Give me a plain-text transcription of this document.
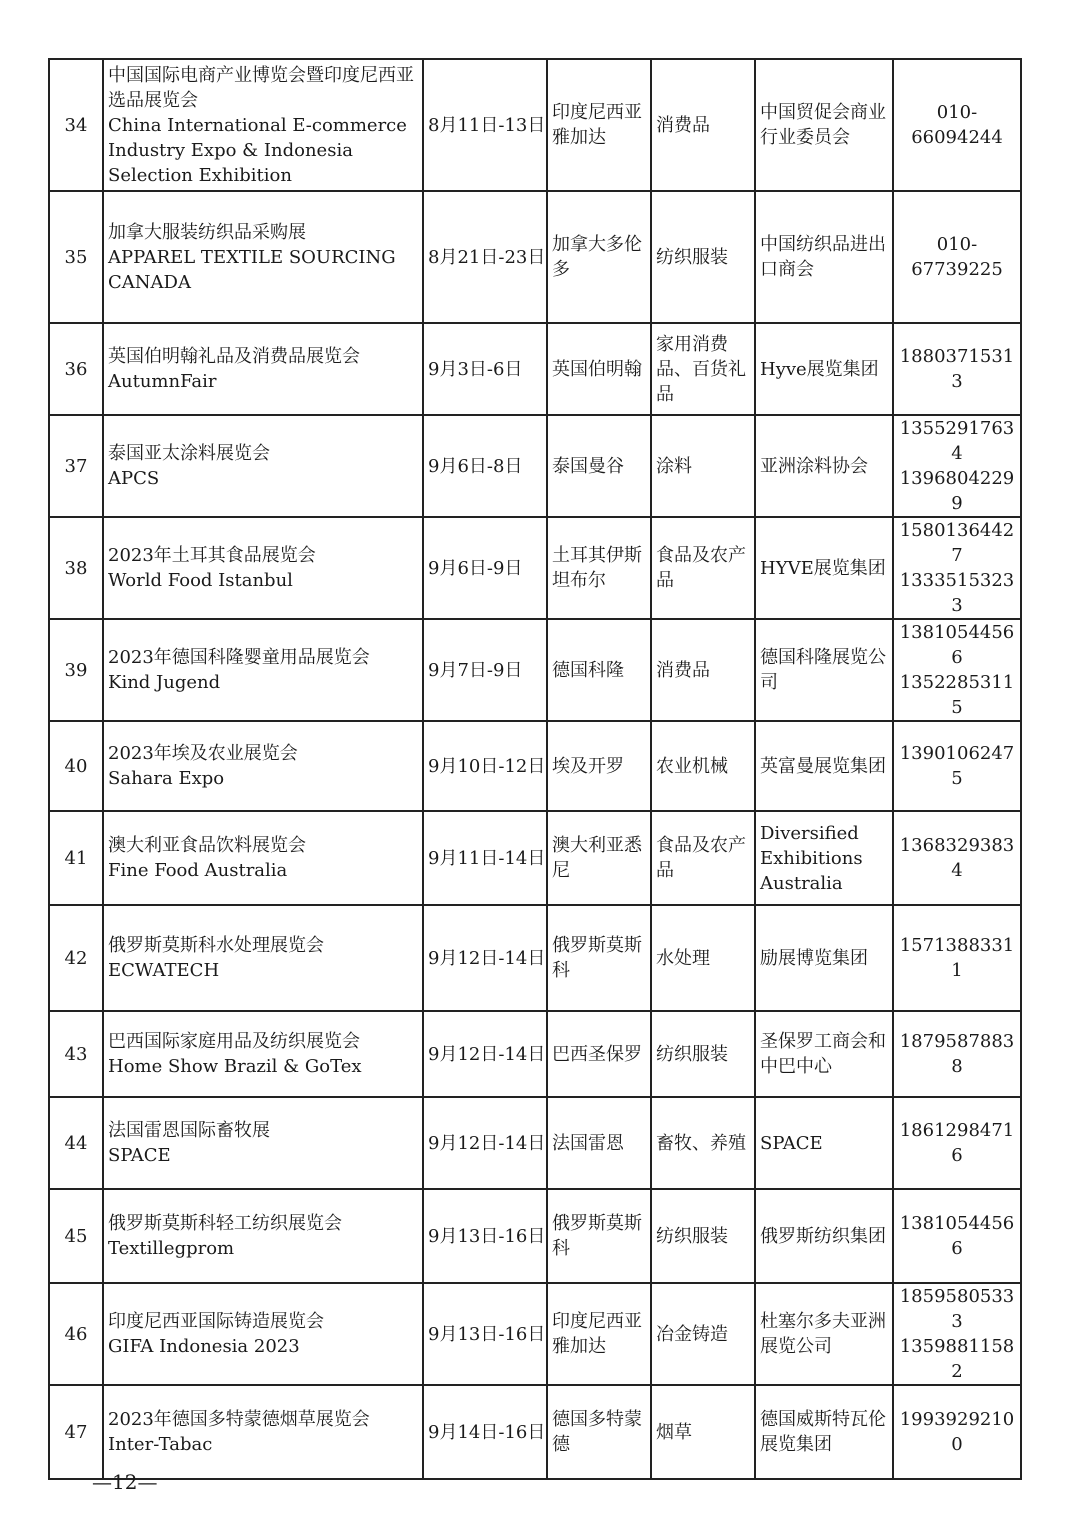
34	中国国际电商产业博览会暨印度尼西亚选品展览会
China International E-commerce Industry Expo & Indonesia Selection Exhibition	8月11日-13日	印度尼西亚雅加达	消费品	中国贸促会商业行业委员会	010-66094244

35	加拿大服装纺织品采购展
APPAREL TEXTILE SOURCING CANADA	8月21日-23日	加拿大多伦多	纺织服装	中国纺织品进出口商会	010-67739225

36	英国伯明翰礼品及消费品展览会
AutumnFair	9月3日-6日	英国伯明翰	家用消费品、百货礼品	Hyve展览集团	18803715313

37	泰国亚太涂料展览会
APCS	9月6日-8日	泰国曼谷	涂料	亚洲涂料协会	13552917634
13968042299

38	2023年土耳其食品展览会
World Food Istanbul	9月6日-9日	土耳其伊斯坦布尔	食品及农产品	HYVE展览集团	15801364427
13335153233

39	2023年德国科隆婴童用品展览会
Kind Jugend	9月7日-9日	德国科隆	消费品	德国科隆展览公司	13810544566
13522853115

40	2023年埃及农业展览会
Sahara Expo	9月10日-12日	埃及开罗	农业机械	英富曼展览集团	13901062475

41	澳大利亚食品饮料展览会
Fine Food Australia	9月11日-14日	澳大利亚悉尼	食品及农产品	Diversified Exhibitions Australia	13683293834

42	俄罗斯莫斯科水处理展览会
ECWATECH	9月12日-14日	俄罗斯莫斯科	水处理	励展博览集团	15713883311

43	巴西国际家庭用品及纺织展览会
Home Show Brazil & GoTex	9月12日-14日	巴西圣保罗	纺织服装	圣保罗工商会和中巴中心	18795878838

44	法国雷恩国际畜牧展
SPACE	9月12日-14日	法国雷恩	畜牧、养殖	SPACE	18612984716

45	俄罗斯莫斯科轻工纺织展览会
Textillegprom	9月13日-16日	俄罗斯莫斯科	纺织服装	俄罗斯纺织集团	13810544566

46	印度尼西亚国际铸造展览会
GIFA Indonesia 2023	9月13日-16日	印度尼西亚雅加达	冶金铸造	杜塞尔多夫亚洲展览公司	18595805333
13598811582

47	2023年德国多特蒙德烟草展览会
Inter-Tabac	9月14日-16日	德国多特蒙德	烟草	德国威斯特瓦伦展览集团	19939292100
—12—
